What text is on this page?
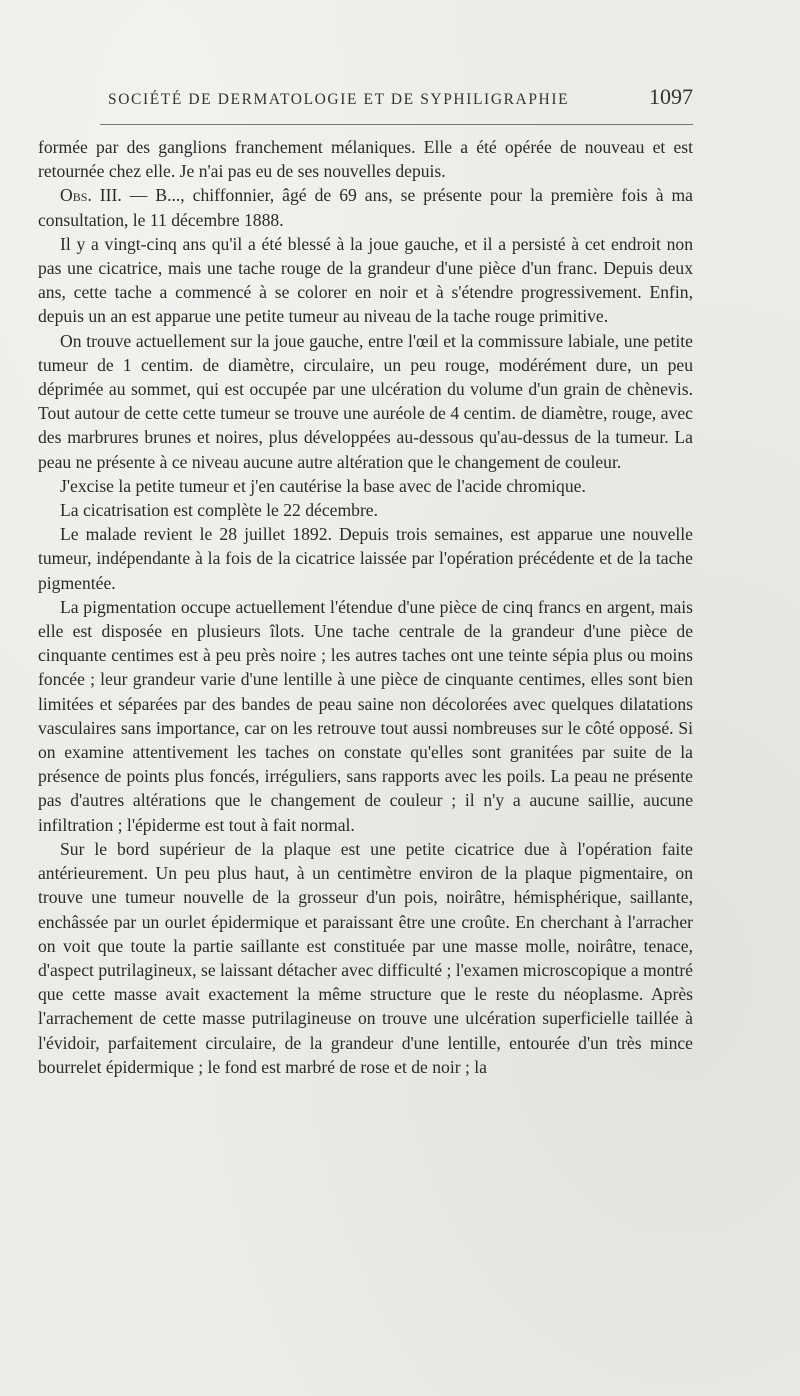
SOCIÉTÉ DE DERMATOLOGIE ET DE SYPHILIGRAPHIE	1097

formée par des ganglions franchement mélaniques. Elle a été opérée de nouveau et est retournée chez elle. Je n'ai pas eu de ses nouvelles depuis.

Obs. III. — B..., chiffonnier, âgé de 69 ans, se présente pour la première fois à ma consultation, le 11 décembre 1888.

Il y a vingt-cinq ans qu'il a été blessé à la joue gauche, et il a persisté à cet endroit non pas une cicatrice, mais une tache rouge de la grandeur d'une pièce d'un franc. Depuis deux ans, cette tache a commencé à se colorer en noir et à s'étendre progressivement. Enfin, depuis un an est apparue une petite tumeur au niveau de la tache rouge primitive.

On trouve actuellement sur la joue gauche, entre l'œil et la commissure labiale, une petite tumeur de 1 centim. de diamètre, circulaire, un peu rouge, modérément dure, un peu déprimée au sommet, qui est occupée par une ulcération du volume d'un grain de chènevis. Tout autour de cette cette tumeur se trouve une auréole de 4 centim. de diamètre, rouge, avec des marbrures brunes et noires, plus développées au-dessous qu'au-dessus de la tumeur. La peau ne présente à ce niveau aucune autre altération que le changement de couleur.

J'excise la petite tumeur et j'en cautérise la base avec de l'acide chromique.

La cicatrisation est complète le 22 décembre.

Le malade revient le 28 juillet 1892. Depuis trois semaines, est apparue une nouvelle tumeur, indépendante à la fois de la cicatrice laissée par l'opération précédente et de la tache pigmentée.

La pigmentation occupe actuellement l'étendue d'une pièce de cinq francs en argent, mais elle est disposée en plusieurs îlots. Une tache centrale de la grandeur d'une pièce de cinquante centimes est à peu près noire ; les autres taches ont une teinte sépia plus ou moins foncée ; leur grandeur varie d'une lentille à une pièce de cinquante centimes, elles sont bien limitées et séparées par des bandes de peau saine non décolorées avec quelques dilatations vasculaires sans importance, car on les retrouve tout aussi nombreuses sur le côté opposé. Si on examine attentivement les taches on constate qu'elles sont granitées par suite de la présence de points plus foncés, irréguliers, sans rapports avec les poils. La peau ne présente pas d'autres altérations que le changement de couleur ; il n'y a aucune saillie, aucune infiltration ; l'épiderme est tout à fait normal.

Sur le bord supérieur de la plaque est une petite cicatrice due à l'opération faite antérieurement. Un peu plus haut, à un centimètre environ de la plaque pigmentaire, on trouve une tumeur nouvelle de la grosseur d'un pois, noirâtre, hémisphérique, saillante, enchâssée par un ourlet épidermique et paraissant être une croûte. En cherchant à l'arracher on voit que toute la partie saillante est constituée par une masse molle, noirâtre, tenace, d'aspect putrilagineux, se laissant détacher avec difficulté ; l'examen microscopique a montré que cette masse avait exactement la même structure que le reste du néoplasme. Après l'arrachement de cette masse putrilagineuse on trouve une ulcération superficielle taillée à l'évidoir, parfaitement circulaire, de la grandeur d'une lentille, entourée d'un très mince bourrelet épidermique ; le fond est marbré de rose et de noir ; la
